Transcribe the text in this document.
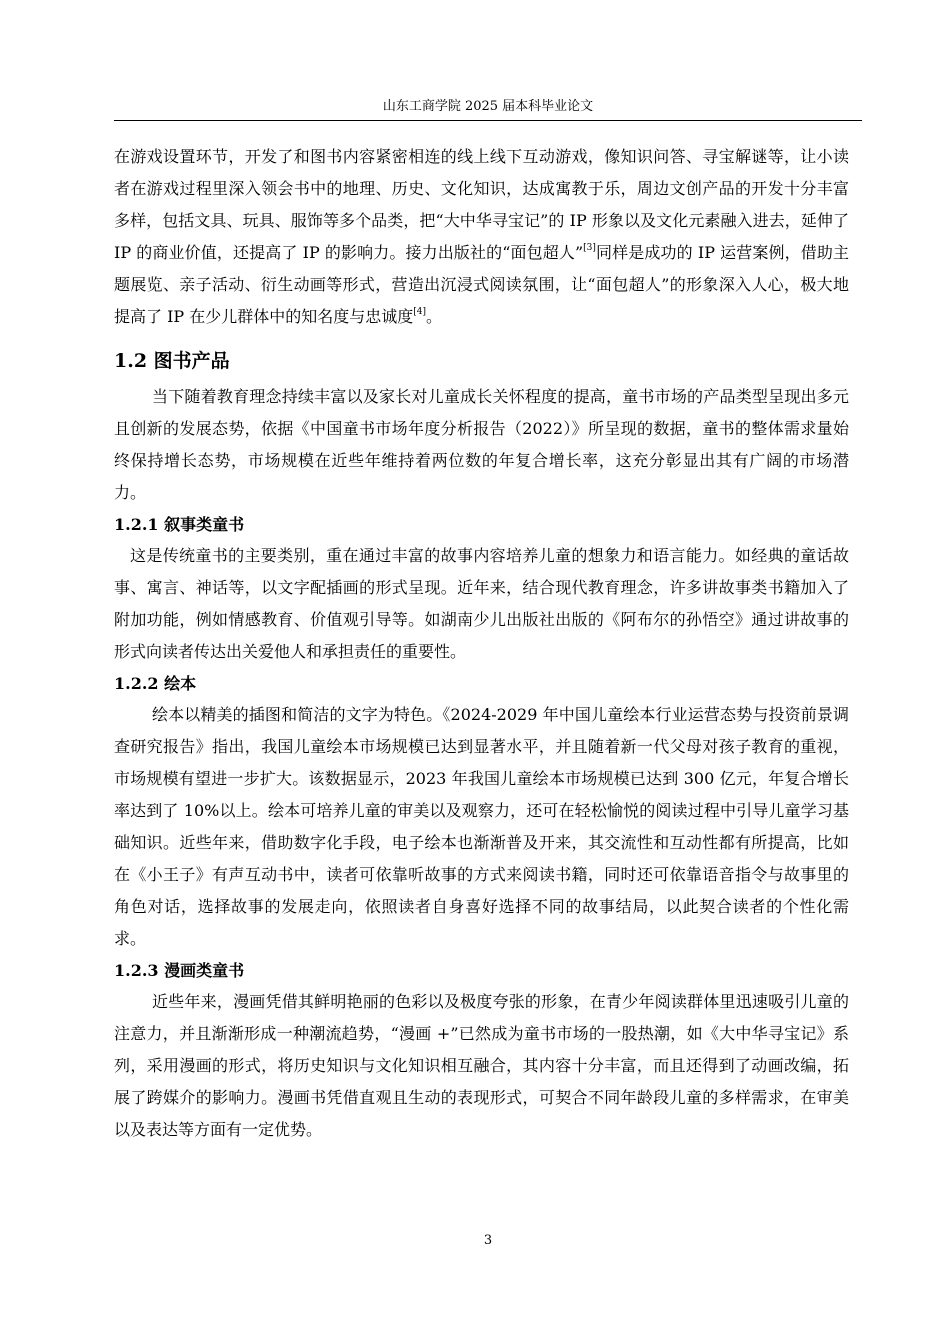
山东工商学院 2025 届本科毕业论文

在游戏设置环节，开发了和图书内容紧密相连的线上线下互动游戏，像知识问答、寻宝解谜等，让小读者在游戏过程里深入领会书中的地理、历史、文化知识，达成寓教于乐，周边文创产品的开发十分丰富多样，包括文具、玩具、服饰等多个品类，把“大中华寻宝记”的 IP 形象以及文化元素融入进去，延伸了 IP 的商业价值，还提高了 IP 的影响力。接力出版社的“面包超人”[3]同样是成功的 IP 运营案例，借助主题展览、亲子活动、衍生动画等形式，营造出沉浸式阅读氛围，让“面包超人”的形象深入人心，极大地提高了 IP 在少儿群体中的知名度与忠诚度[4]。

1.2 图书产品

当下随着教育理念持续丰富以及家长对儿童成长关怀程度的提高，童书市场的产品类型呈现出多元且创新的发展态势，依据《中国童书市场年度分析报告（2022）》所呈现的数据，童书的整体需求量始终保持增长态势，市场规模在近些年维持着两位数的年复合增长率，这充分彰显出其有广阔的市场潜力。

1.2.1 叙事类童书

这是传统童书的主要类别，重在通过丰富的故事内容培养儿童的想象力和语言能力。如经典的童话故事、寓言、神话等，以文字配插画的形式呈现。近年来，结合现代教育理念，许多讲故事类书籍加入了附加功能，例如情感教育、价值观引导等。如湖南少儿出版社出版的《阿布尔的孙悟空》通过讲故事的形式向读者传达出关爱他人和承担责任的重要性。

1.2.2 绘本

绘本以精美的插图和简洁的文字为特色。《2024-2029 年中国儿童绘本行业运营态势与投资前景调查研究报告》指出，我国儿童绘本市场规模已达到显著水平，并且随着新一代父母对孩子教育的重视，市场规模有望进一步扩大。该数据显示，2023 年我国儿童绘本市场规模已达到 300 亿元，年复合增长率达到了 10%以上。绘本可培养儿童的审美以及观察力，还可在轻松愉悦的阅读过程中引导儿童学习基础知识。近些年来，借助数字化手段，电子绘本也渐渐普及开来，其交流性和互动性都有所提高，比如在《小王子》有声互动书中，读者可依靠听故事的方式来阅读书籍，同时还可依靠语音指令与故事里的角色对话，选择故事的发展走向，依照读者自身喜好选择不同的故事结局，以此契合读者的个性化需求。

1.2.3 漫画类童书

近些年来，漫画凭借其鲜明艳丽的色彩以及极度夸张的形象，在青少年阅读群体里迅速吸引儿童的注意力，并且渐渐形成一种潮流趋势，“漫画 +”已然成为童书市场的一股热潮，如《大中华寻宝记》系列，采用漫画的形式，将历史知识与文化知识相互融合，其内容十分丰富，而且还得到了动画改编，拓展了跨媒介的影响力。漫画书凭借直观且生动的表现形式，可契合不同年龄段儿童的多样需求，在审美以及表达等方面有一定优势。

3
